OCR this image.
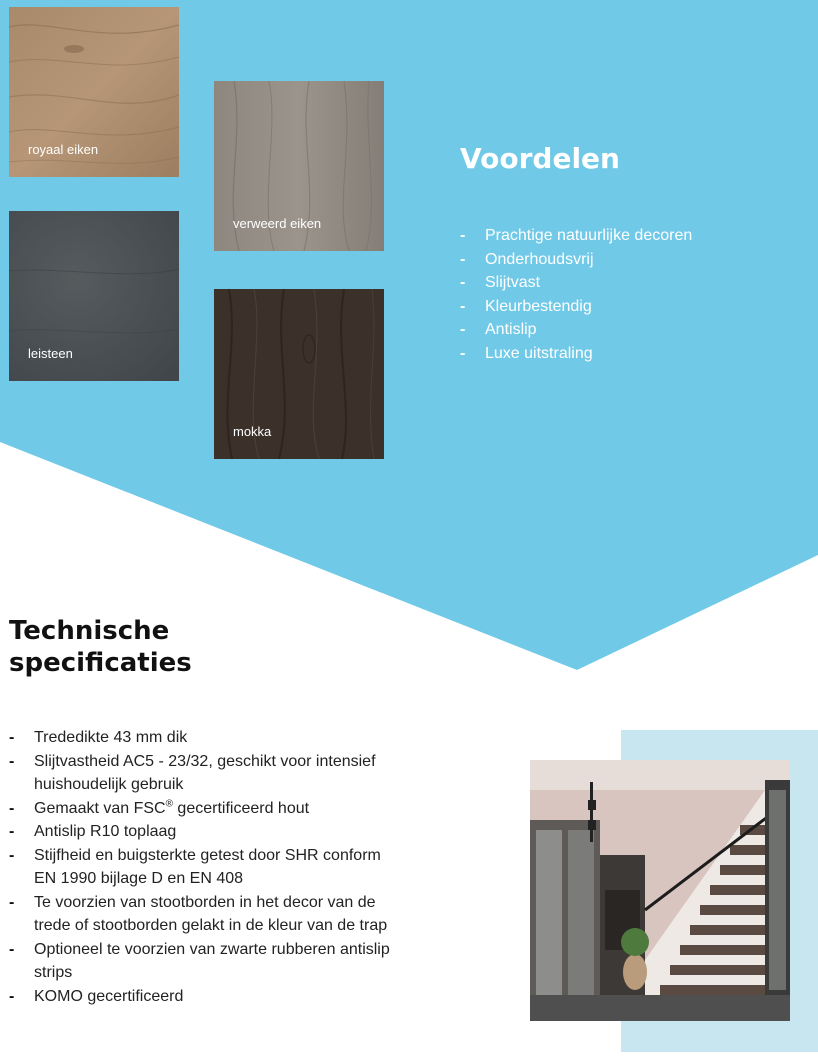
royaal eiken
verweerd eiken
leisteen
mokka
Voordelen
- Prachtige natuurlijke decoren
- Onderhoudsvrij
- Slijtvast
- Kleurbestendig
- Antislip
- Luxe uitstraling
Technische
specificaties
- Trededikte 43 mm dik
- Slijtvastheid AC5 - 23/32, geschikt voor intensief huishoudelijk gebruik
- Gemaakt van FSC® gecertificeerd hout
- Antislip R10 toplaag
- Stijfheid en buigsterkte getest door SHR conform EN 1990 bijlage D en EN 408
- Te voorzien van stootborden in het decor van de trede of stootborden gelakt in de kleur van de trap
- Optioneel te voorzien van zwarte rubberen antislip strips
- KOMO gecertificeerd
